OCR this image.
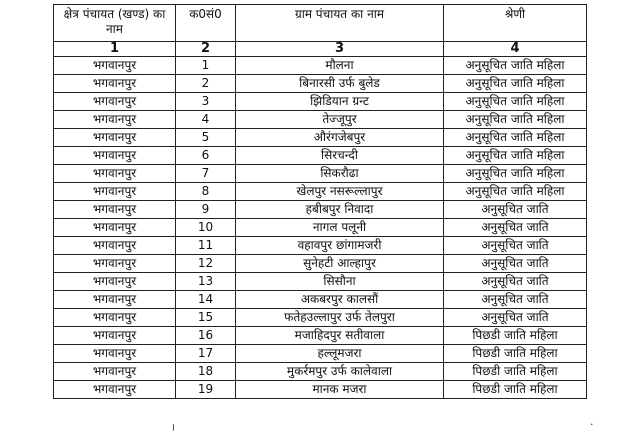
क्षेत्र पंचायत (खण्ड) का नाम	क0सं0	ग्राम पंचायत का नाम	श्रेणी
1	2	3	4
भगवानपुर	1	मौलना	अनुसूचित जाति महिला
भगवानपुर	2	बिनारसी उर्फ बुलेड	अनुसूचित जाति महिला
भगवानपुर	3	झिडियान ग्रन्ट	अनुसूचित जाति महिला
भगवानपुर	4	तेज्जूपुर	अनुसूचित जाति महिला
भगवानपुर	5	औरंगजेबपुर	अनुसूचित जाति महिला
भगवानपुर	6	सिरचन्दी	अनुसूचित जाति महिला
भगवानपुर	7	सिकरौढा	अनुसूचित जाति महिला
भगवानपुर	8	खेलपुर नसरूल्लापुर	अनुसूचित जाति महिला
भगवानपुर	9	हबीबपुर निवादा	अनुसूचित जाति
भगवानपुर	10	नागल पलूनी	अनुसूचित जाति
भगवानपुर	11	वहावपुर छांगामजरी	अनुसूचित जाति
भगवानपुर	12	सुनेहटी आल्हापुर	अनुसूचित जाति
भगवानपुर	13	सिसौना	अनुसूचित जाति
भगवानपुर	14	अकबरपुर कालसौं	अनुसूचित जाति
भगवानपुर	15	फतेहउल्लापुर उर्फ तेलपुरा	अनुसूचित जाति
भगवानपुर	16	मजाहिदपुर सतीवाला	पिछडी जाति महिला
भगवानपुर	17	हल्लूमजरा	पिछडी जाति महिला
भगवानपुर	18	मुकर्रमपुर उर्फ कालेवाला	पिछडी जाति महिला
भगवानपुर	19	मानक मजरा	पिछडी जाति महिला
╷	·
